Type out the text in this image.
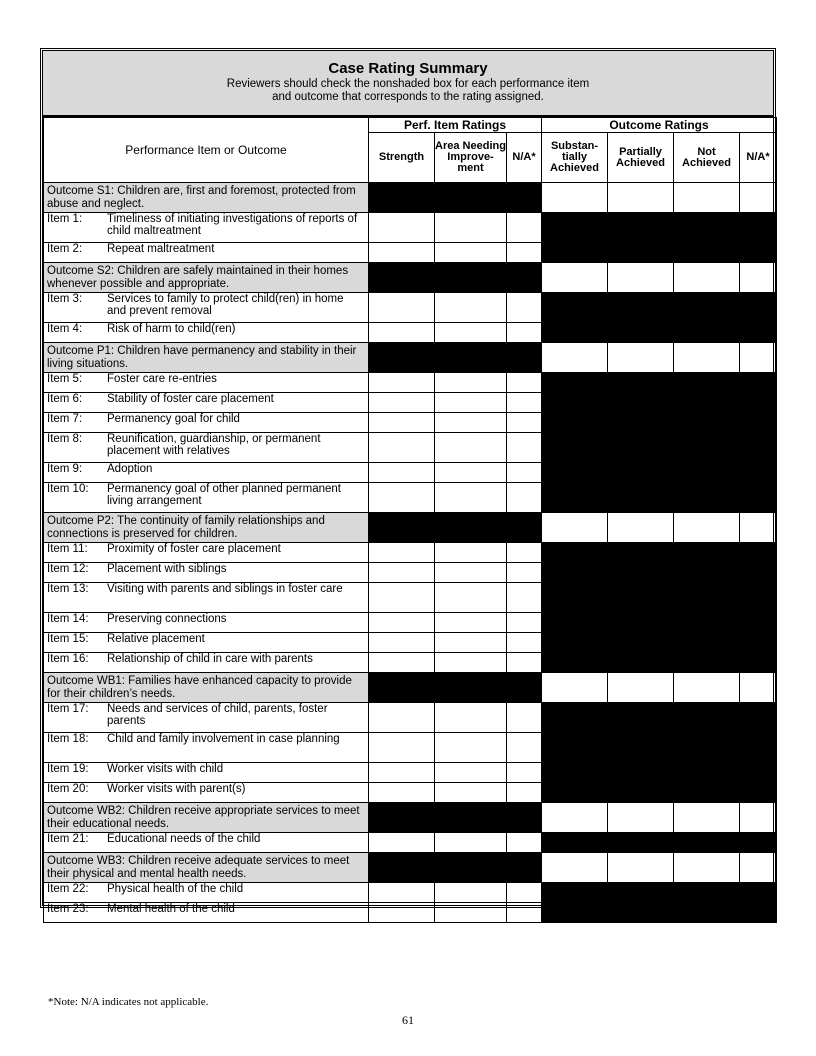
Case Rating Summary
Reviewers should check the nonshaded box for each performance item
and outcome that corresponds to the rating assigned.
Performance Item or Outcome	Perf. Item Ratings			Outcome Ratings			
	Strength	Area Needing Improve-ment	N/A*	Substan-tially Achieved	Partially Achieved	Not Achieved	N/A*
Outcome S1: Children are, first and foremost, protected from abuse and neglect.							
Item 1: Timeliness of initiating investigations of reports of child maltreatment							
Item 2: Repeat maltreatment							
Outcome S2: Children are safely maintained in their homes whenever possible and appropriate.							
Item 3: Services to family to protect child(ren) in home and prevent removal							
Item 4: Risk of harm to child(ren)							
Outcome P1: Children have permanency and stability in their living situations.							
Item 5: Foster care re-entries							
Item 6: Stability of foster care placement							
Item 7: Permanency goal for child							
Item 8: Reunification, guardianship, or permanent placement with relatives							
Item 9: Adoption							
Item 10: Permanency goal of other planned permanent living arrangement							
Outcome P2: The continuity of family relationships and connections is preserved for children.							
Item 11: Proximity of foster care placement							
Item 12: Placement with siblings							
Item 13: Visiting with parents and siblings in foster care							
Item 14: Preserving connections							
Item 15: Relative placement							
Item 16: Relationship of child in care with parents							
Outcome WB1: Families have enhanced capacity to provide for their children’s needs.							
Item 17: Needs and services of child, parents, foster parents							
Item 18: Child and family involvement in case planning							
Item 19: Worker visits with child							
Item 20: Worker visits with parent(s)							
Outcome WB2: Children receive appropriate services to meet their educational needs.							
Item 21: Educational needs of the child							
Outcome WB3: Children receive adequate services to meet their physical and mental health needs.							
Item 22: Physical health of the child							
Item 23: Mental health of the child							
*Note: N/A indicates not applicable.
61
